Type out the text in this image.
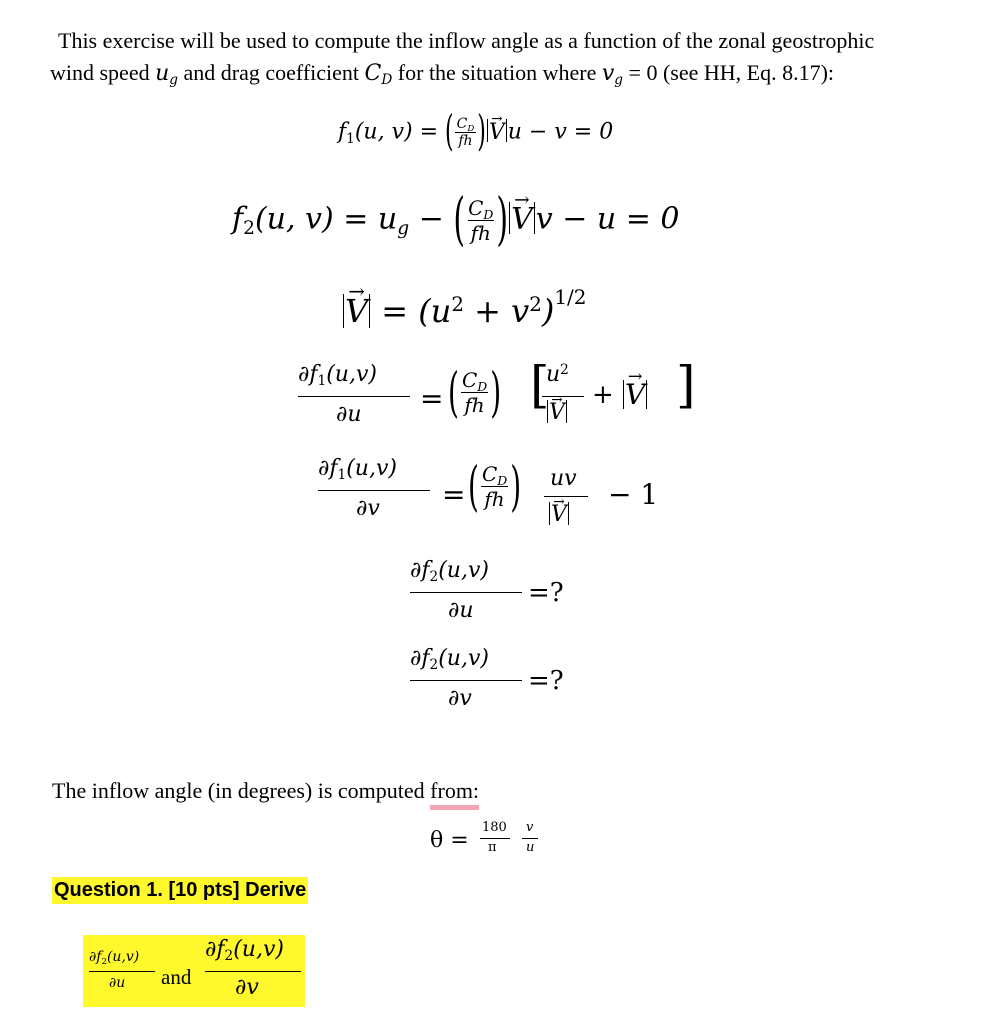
This exercise will be used to compute the inflow angle as a function of the zonal geostrophic
wind speed ug and drag coefficient CD for the situation where vg = 0 (see HH, Eq. 8.17):
f1(u, v) = ( $\frac{CD}{fh}$ ) → V u − v = 0
f2(u, v) = ug − ( $\frac{CD}{fh}$ ) → V v − u = 0
→ $V = (u^2 + v^2)^{1/2}$
∂f1(u,v)
∂u = ( $\frac{CD}{fh}$ ) [
$u^2$
→ V
+ → V ]
∂f1(u,v)
∂v = ( $\frac{CD}{fh}$ ) uv
→ V
− 1
∂f2(u,v)
∂u
=?
∂f2(u,v)
∂v
=?
The inflow angle (in degrees) is computed from:
θ =
180
π
v
u
Question 1. [10 pts] Derive
∂f2(u,v)
∂u and
∂f2(u,v)
∂v
